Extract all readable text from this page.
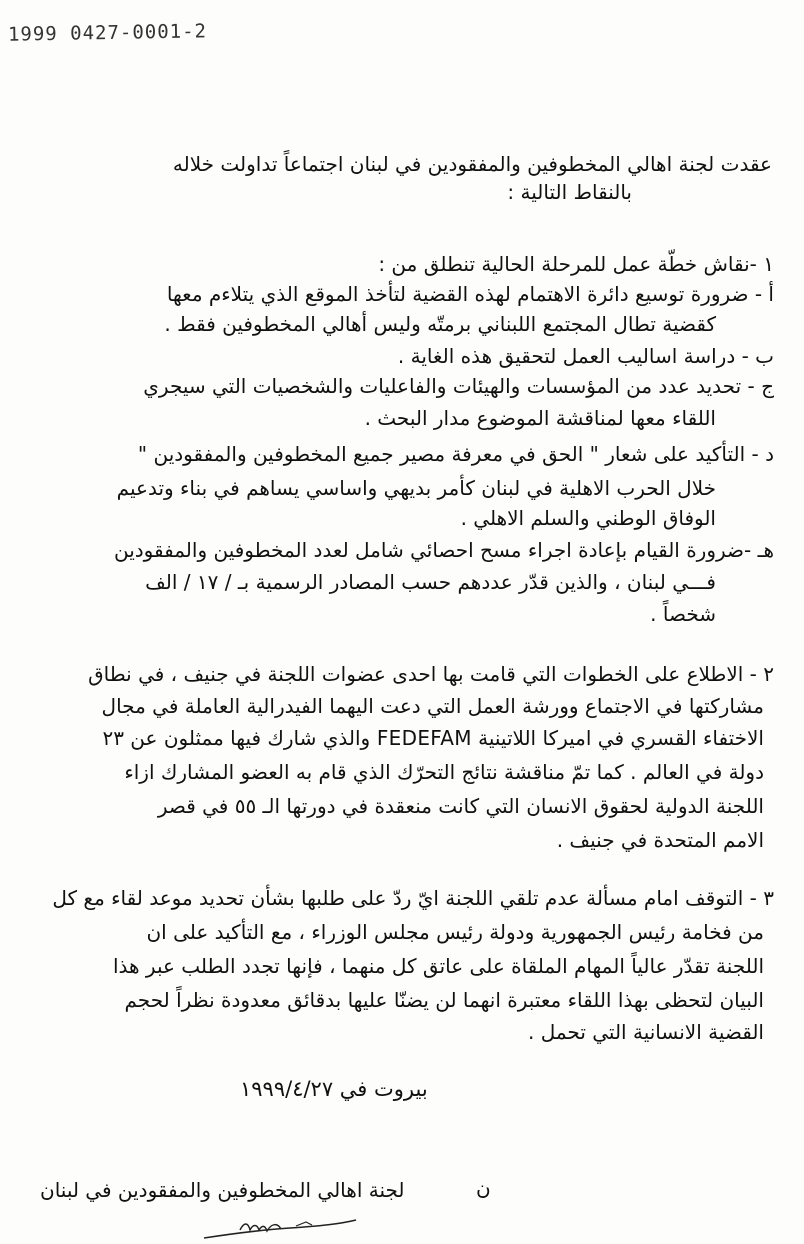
1999 0427-0001-2
عقدت لجنة اهالي المخطوفين والمفقودين في لبنان اجتماعاً تداولت خلاله
بالنقاط التالية :
١ -نقاش خطّة عمل للمرحلة الحالية تنطلق من :
أ - ضرورة توسيع دائرة الاهتمام لهذه القضية لتأخذ الموقع الذي يتلاءم معها
كقضية تطال المجتمع اللبناني برمتّه وليس أهالي المخطوفين فقط .
ب - دراسة اساليب العمل لتحقيق هذه الغاية .
ج - تحديد عدد من المؤسسات والهيئات والفاعليات والشخصيات التي سيجري
اللقاء معها لمناقشة الموضوع مدار البحث .
د - التأكيد على شعار " الحق في معرفة مصير جميع المخطوفين والمفقودين "
خلال الحرب الاهلية في لبنان كأمر بديهي واساسي يساهم في بناء وتدعيم
الوفاق الوطني والسلم الاهلي .
هـ -ضرورة القيام بإعادة اجراء مسح احصائي شامل لعدد المخطوفين والمفقودين
فـــي لبنان ، والذين قدّر عددهم حسب المصادر الرسمية بـ / ١٧ / الف
شخصاً .
٢ - الاطلاع على الخطوات التي قامت بها احدى عضوات اللجنة في جنيف ، في نطاق
مشاركتها في الاجتماع وورشة العمل التي دعت اليهما الفيدرالية العاملة في مجال
الاختفاء القسري في اميركا اللاتينية FEDEFAM والذي شارك فيها ممثلون عن ٢٣
دولة في العالم . كما تمّ مناقشة نتائج التحرّك الذي قام به العضو المشارك ازاء
اللجنة الدولية لحقوق الانسان التي كانت منعقدة في دورتها الـ ٥٥ في قصر
الامم المتحدة في جنيف .
٣ - التوقف امام مسألة عدم تلقي اللجنة ايّ ردّ على طلبها بشأن تحديد موعد لقاء مع كل
من فخامة رئيس الجمهورية ودولة رئيس مجلس الوزراء ، مع التأكيد على ان
اللجنة تقدّر عالياً المهام الملقاة على عاتق كل منهما ، فإنها تجدد الطلب عبر هذا
البيان لتحظى بهذا اللقاء معتبرة انهما لن يضنّا عليها بدقائق معدودة نظراً لحجم
القضية الانسانية التي تحمل .
بيروت في ١٩٩٩/٤/٢٧
ن
لجنة اهالي المخطوفين والمفقودين في لبنان
